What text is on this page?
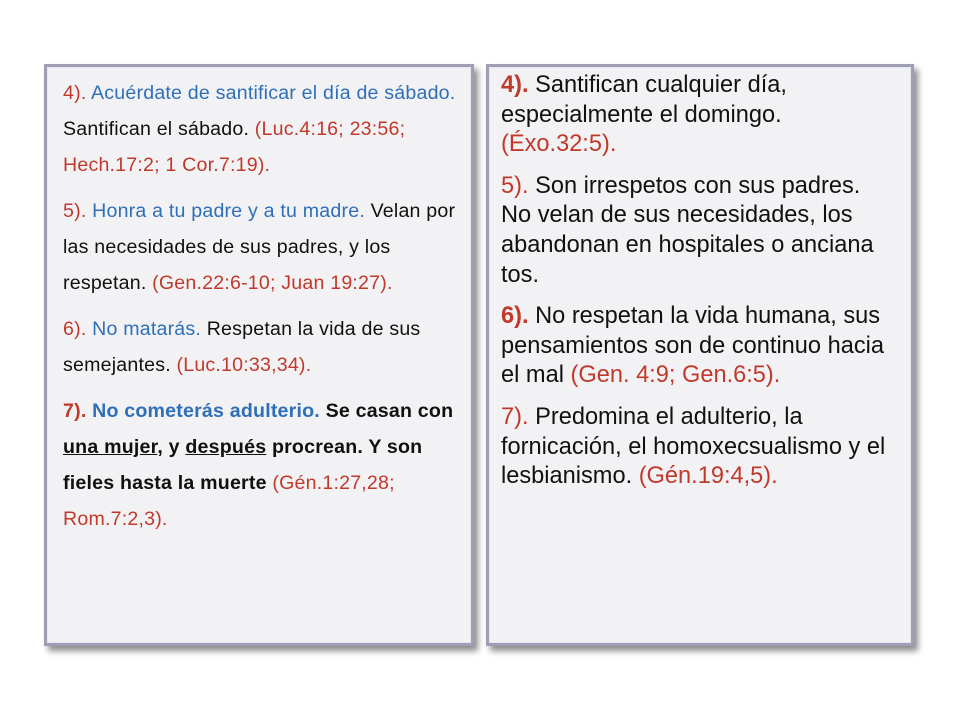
4). Acuérdate de santificar el día de sábado. Santifican el sábado. (Luc.4:16; 23:56; Hech.17:2; 1 Cor.7:19).

5). Honra a tu padre y a tu madre. Velan por las necesidades de sus padres, y los respetan. (Gen.22:6-10; Juan 19:27).

6). No matarás. Respetan la vida de sus semejantes. (Luc.10:33,34).

7). No cometerás adulterio. Se casan con una mujer, y después procrean. Y son fieles hasta la muerte (Gén.1:27,28; Rom.7:2,3).

4). Santifican cualquier día, especialmente el domingo. (Éxo.32:5).

5). Son irrespetos con sus padres. No velan de sus necesidades, los abandonan en hospitales o anciana tos.

6). No respetan la vida humana, sus pensamientos son de continuo hacia el mal (Gen. 4:9; Gen.6:5).

7). Predomina el adulterio, la fornicación, el homoxecsualismo y el lesbianismo. (Gén.19:4,5).
